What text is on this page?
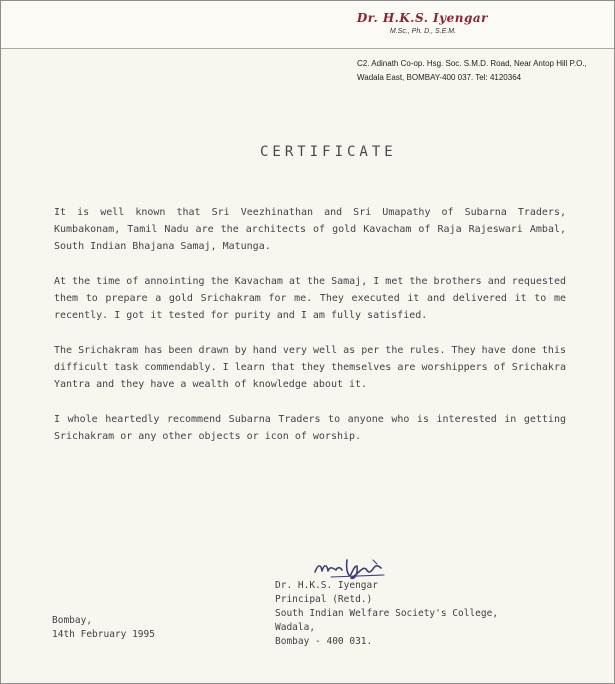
Dr. H.K.S. Iyengar
M.Sc., Ph. D., S.E.M.
C2. Adinath Co-op. Hsg. Soc. S.M.D. Road, Near Antop Hill P.O.,
Wadala East, BOMBAY-400 037. Tel: 4120364
CERTIFICATE

It is well known that Sri Veezhinathan and Sri Umapathy of Subarna Traders, Kumbakonam, Tamil Nadu are the architects of gold Kavacham of Raja Rajeswari Ambal, South Indian Bhajana Samaj, Matunga.

At the time of annointing the Kavacham at the Samaj, I met the brothers and requested them to prepare a gold Srichakram for me. They executed it and delivered it to me recently. I got it tested for purity and I am fully satisfied.

The Srichakram has been drawn by hand very well as per the rules. They have done this difficult task commendably. I learn that they themselves are worshippers of Srichakra Yantra and they have a wealth of knowledge about it.

I whole heartedly recommend Subarna Traders to anyone who is interested in getting Srichakram or any other objects or icon of worship.

Dr. H.K.S. Iyengar
Principal (Retd.)
South Indian Welfare Society's College,
Wadala,
Bombay - 400 031.
Bombay,
14th February 1995
